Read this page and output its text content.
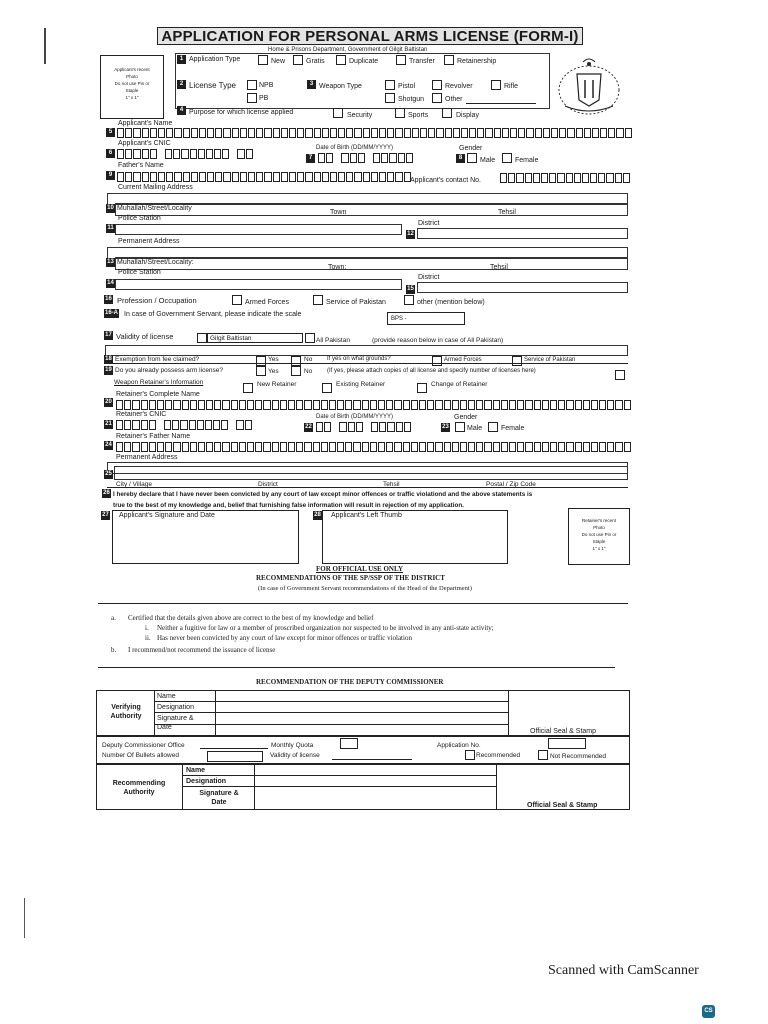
APPLICATION FOR PERSONAL ARMS LICENSE (FORM-I)
Home & Prisons Department, Government of Gilgit Baltistan
Applicant's recent
Photo
Do not use Pin or
Staple
1" x 1"
1 Application Type	New	Gratis	Duplicate	Transfer	Retainership
2 License Type	NPB
PB
3 Weapon Type	Pistol	Revolver	Rifle
Shotgun	Other
4 Purpose for which license applied	Security	Sports	Display
Applicant's Name
5
Applicant's CNIC
6
Date of Birth (DD/MM/YYYY)
7
Gender
8	Male	Female
Father's Name
9
Applicant's contact No.
Current Mailing Address
10 Muhallah/Street/Locality
Town	Tehsil
Police Station
District
11
12
Permanent Address
13 Muhallah/Street/Locality:
Town:	Tehsil
Police Station
District
14
15
16 Profession / Occupation	Armed Forces	Service of Pakistan	other (mention below)
16-A In case of Government Servant, please indicate the scale
BPS -
17 Validity of license	Gilgit Baltistan	All Pakistan	(provide reason below in case of All Pakistan)
18 Exemption from fee claimed?	Yes	No If yes on what grounds?	Armed Forces	Service of Pakistan
19 Do you already possess arm license?	Yes	No (If yes, please attach copies of all license and specify number of licenses here)
Weapon Retainer's Information	New Retainer	Existing Retainer	Change of Retainer
Retainer's Complete Name
20
Retainer's CNIC
21
Date of Birth (DD/MM/YYYY)
22
Gender
23	Male	Female
Retainer's Father Name
24
Permanent Address
25
City / Village	District	Tehsil	Postal / Zip Code
26 I hereby declare that I have never been convicted by any court of law except minor offences or traffic violationd and the above statements is
true to the best of my knowledge and, belief that furnishing false information will result in rejection of my application.
27 Applicant's Signature and Date	28 Applicant's Left Thumb
Retainer's recent
Photo
Do not use Pin or
Staple
1" x 1"
FOR OFFICIAL USE ONLY
RECOMMENDATIONS OF THE SP/SSP OF THE DISTRICT
(In case of Government Servant recommendations of the Head of the Department)
a. Certified that the details given above are correct to the best of my knowledge and belief
i. Neither a fugitive for law or a member of proscribed organization nor suspected to be involved in any anti-state activity;
ii. Has never been convicted by any court of law except for minor offences or traffic violation
b. I recommend/not recommend the issuance of license
RECOMMENDATION OF THE DEPUTY COMMISSIONER
Verifying Authority
Name
Designation
Signature & Date
Official Seal & Stamp
Deputy Commissioner Office	Monthly Quota	Application No.
Number Of Bullets allowed	Validity of license	Recommended	Not Recommended
Recommending Authority
Name
Designation
Signature & Date	Official Seal & Stamp
Scanned with CamScanner
CS
